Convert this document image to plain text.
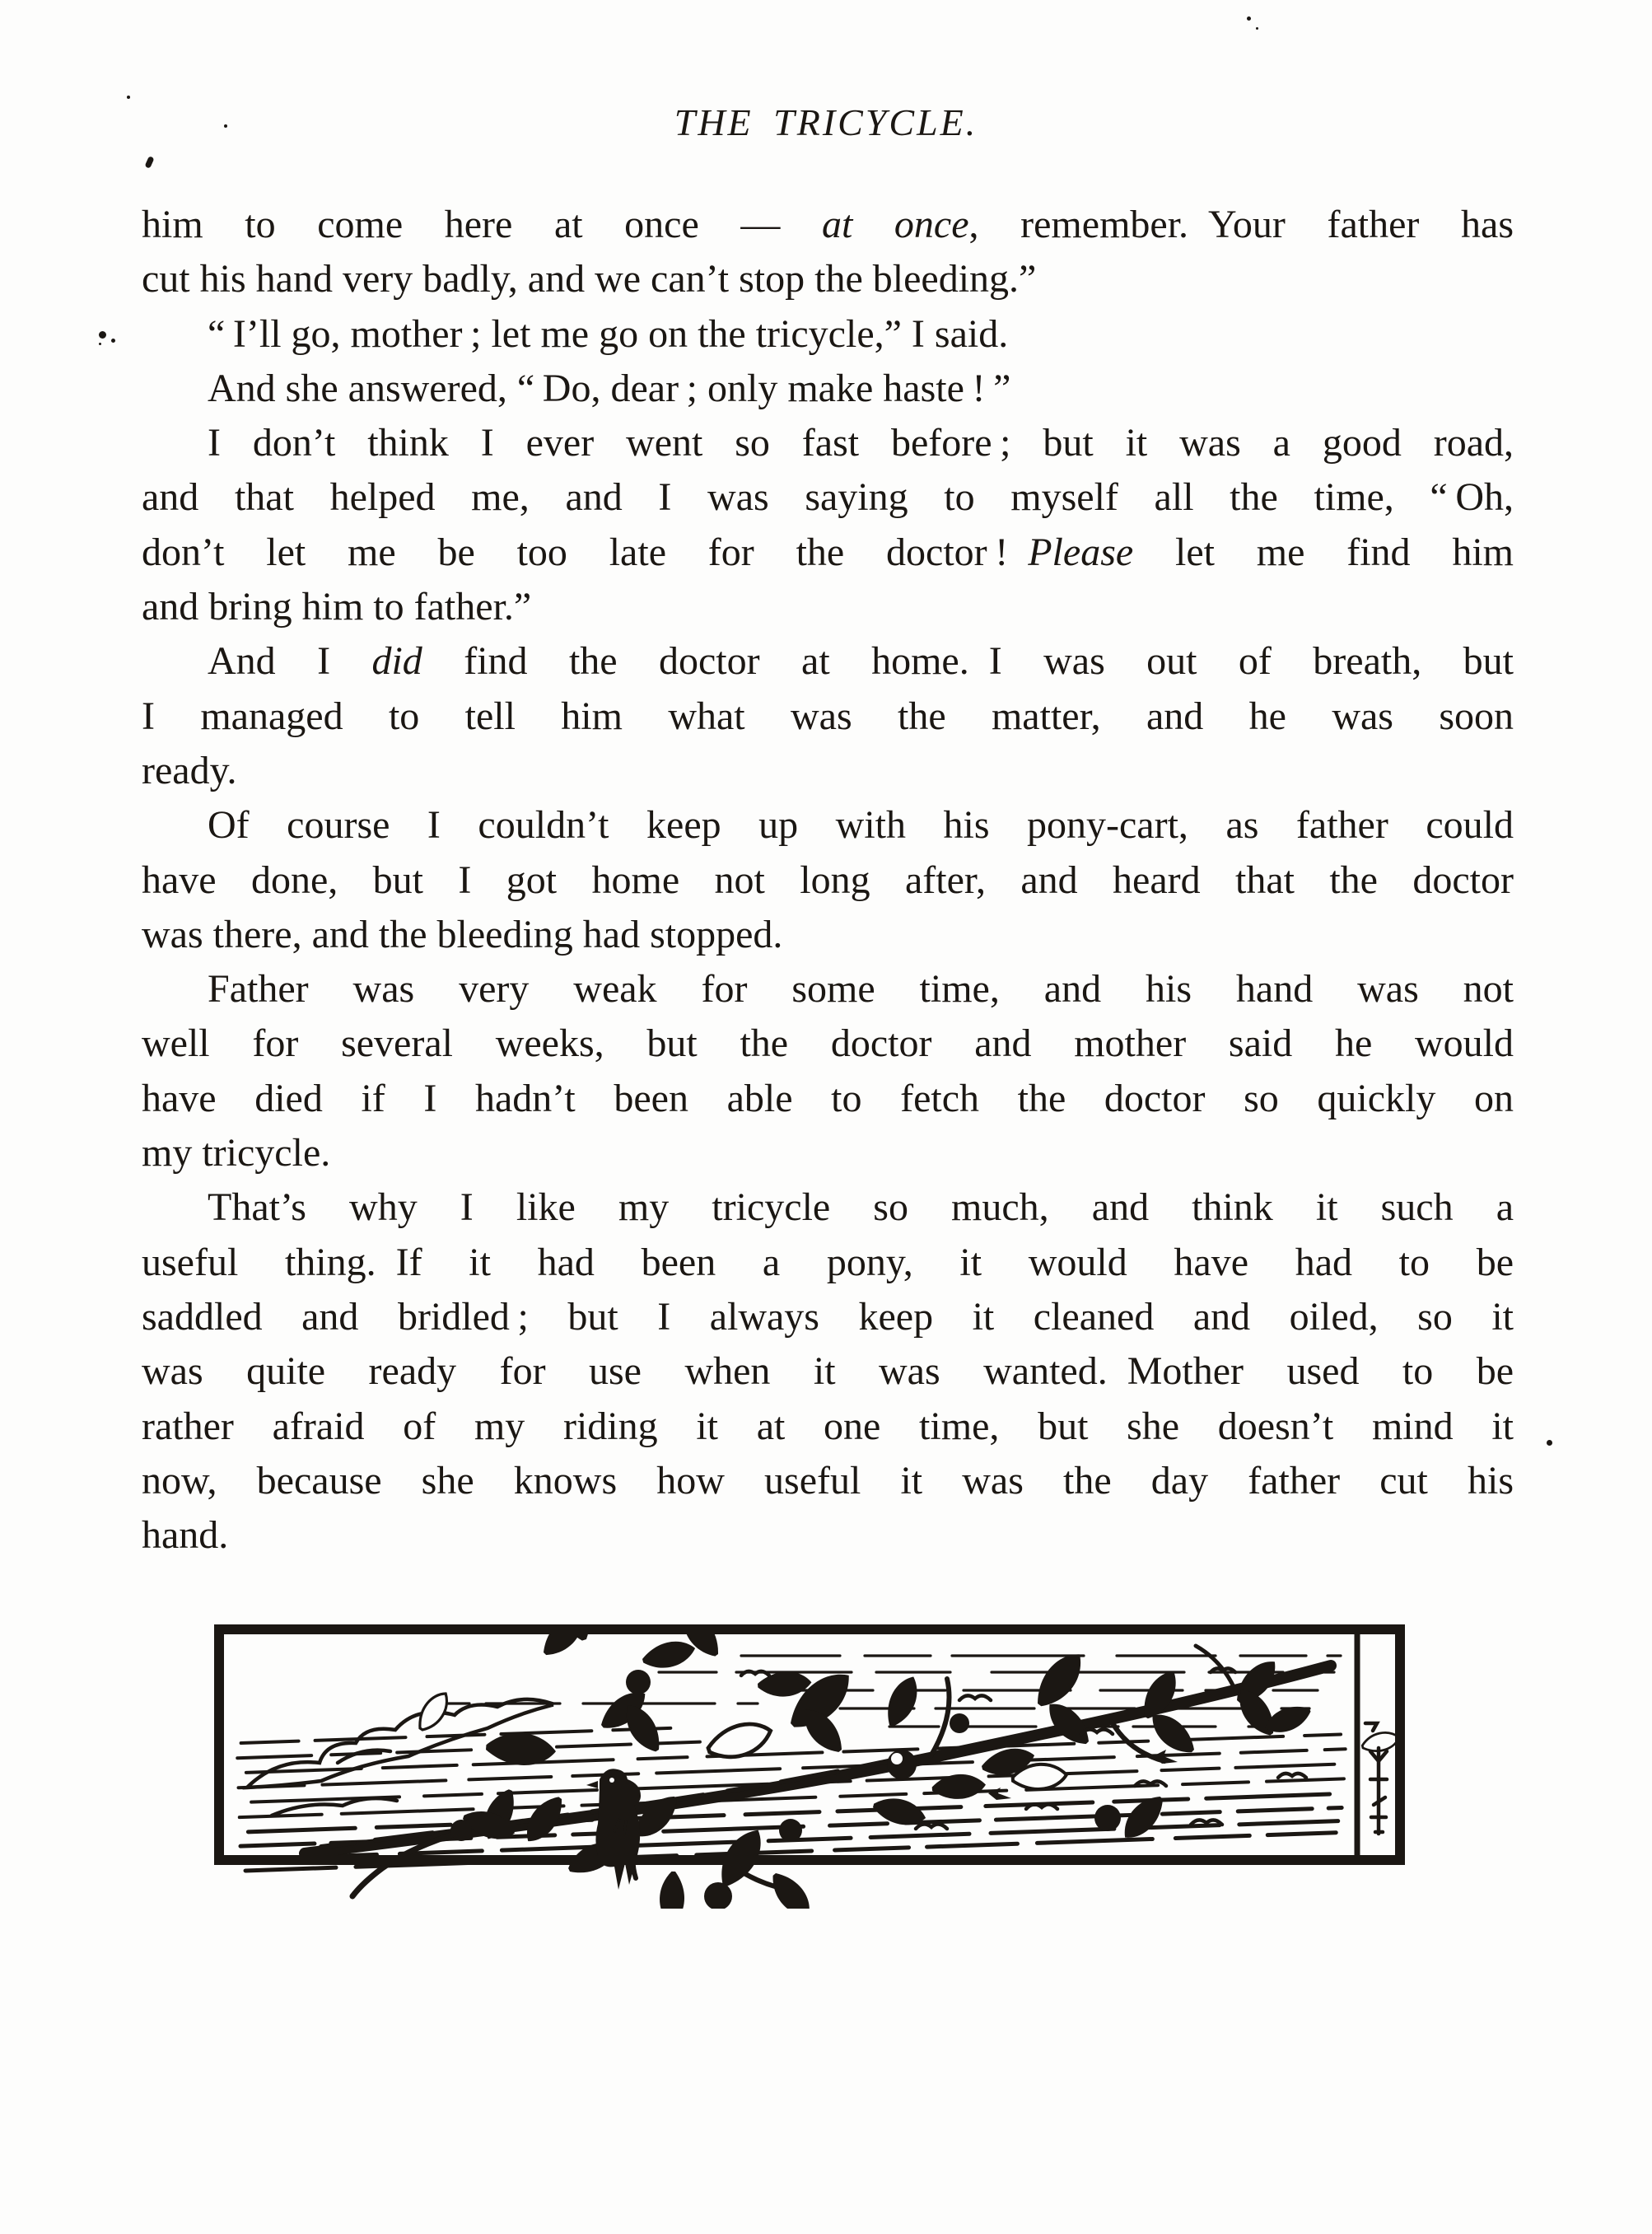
THE TRICYCLE.
him to come here at once — at once, remember. Your father has
cut his hand very badly, and we can’t stop the bleeding.”
“ I’ll go, mother ; let me go on the tricycle,” I said.
And she answered, “ Do, dear ; only make haste ! ”
I don’t think I ever went so fast before ; but it was a good road,
and that helped me, and I was saying to myself all the time, “ Oh,
don’t let me be too late for the doctor ! Please let me find him
and bring him to father.”
And I did find the doctor at home. I was out of breath, but
I managed to tell him what was the matter, and he was soon
ready.
Of course I couldn’t keep up with his pony-cart, as father could
have done, but I got home not long after, and heard that the doctor
was there, and the bleeding had stopped.
Father was very weak for some time, and his hand was not
well for several weeks, but the doctor and mother said he would
have died if I hadn’t been able to fetch the doctor so quickly on
my tricycle.
That’s why I like my tricycle so much, and think it such a
useful thing. If it had been a pony, it would have had to be
saddled and bridled ; but I always keep it cleaned and oiled, so it
was quite ready for use when it was wanted. Mother used to be
rather afraid of my riding it at one time, but she doesn’t mind it
now, because she knows how useful it was the day father cut his
hand.
